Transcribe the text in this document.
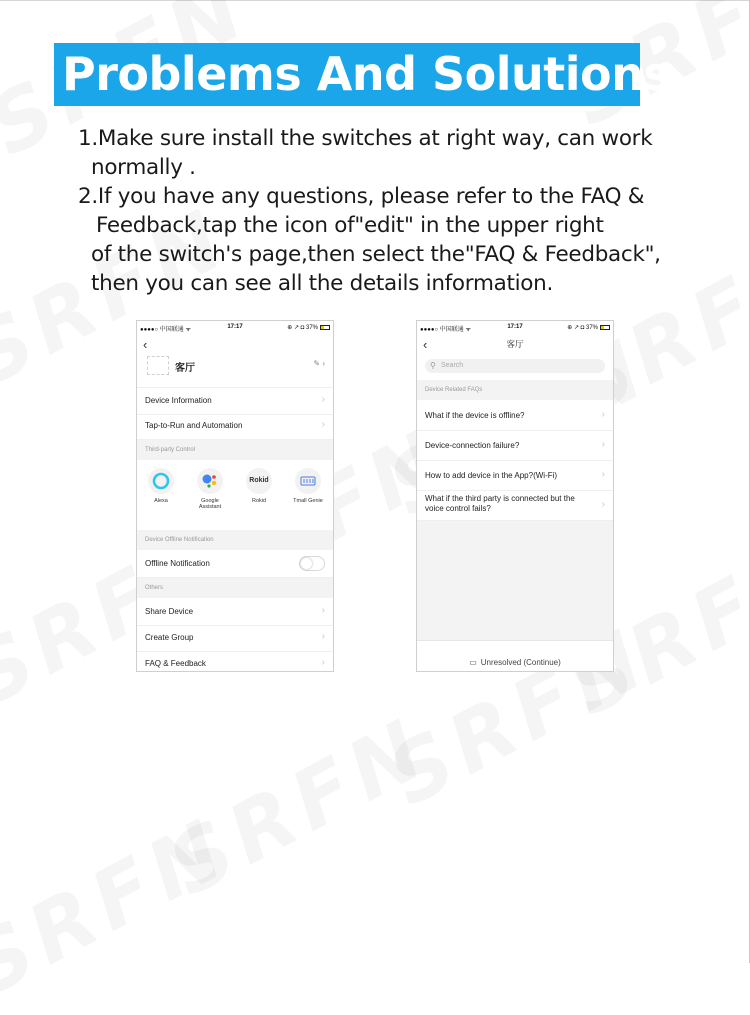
Problems And Solutions
1.Make sure install the switches at right way, can work
normally .
2.If you have any questions, please refer to the FAQ &
Feedback,tap the icon of"edit" in the upper right
of the switch's page,then select the"FAQ & Feedback",
then you can see all the details information.
●●●●○ 中国联通 ᯤ	17:17	⊕ ↗ ◘ 37%
‹
客厅	✎ ›
Device Information	›
Tap-to-Run and Automation	›
Third-party Control
Alexa	Google
Assistant
Rokid
Rokid	Tmall Genie
Device Offline Notification
Offline Notification
Others
Share Device	›
Create Group	›
FAQ & Feedback	›
●●●●○ 中国联通 ᯤ	17:17	⊕ ↗ ◘ 37%
‹	客厅
⚲ Search
Device Related FAQs
What if the device is offline?	›
Device-connection failure?	›
How to add device in the App?(Wi-Fi)	›
What if the third party is connected but the voice control fails?	›
$_{▭ Unresolved (Continue)}$
